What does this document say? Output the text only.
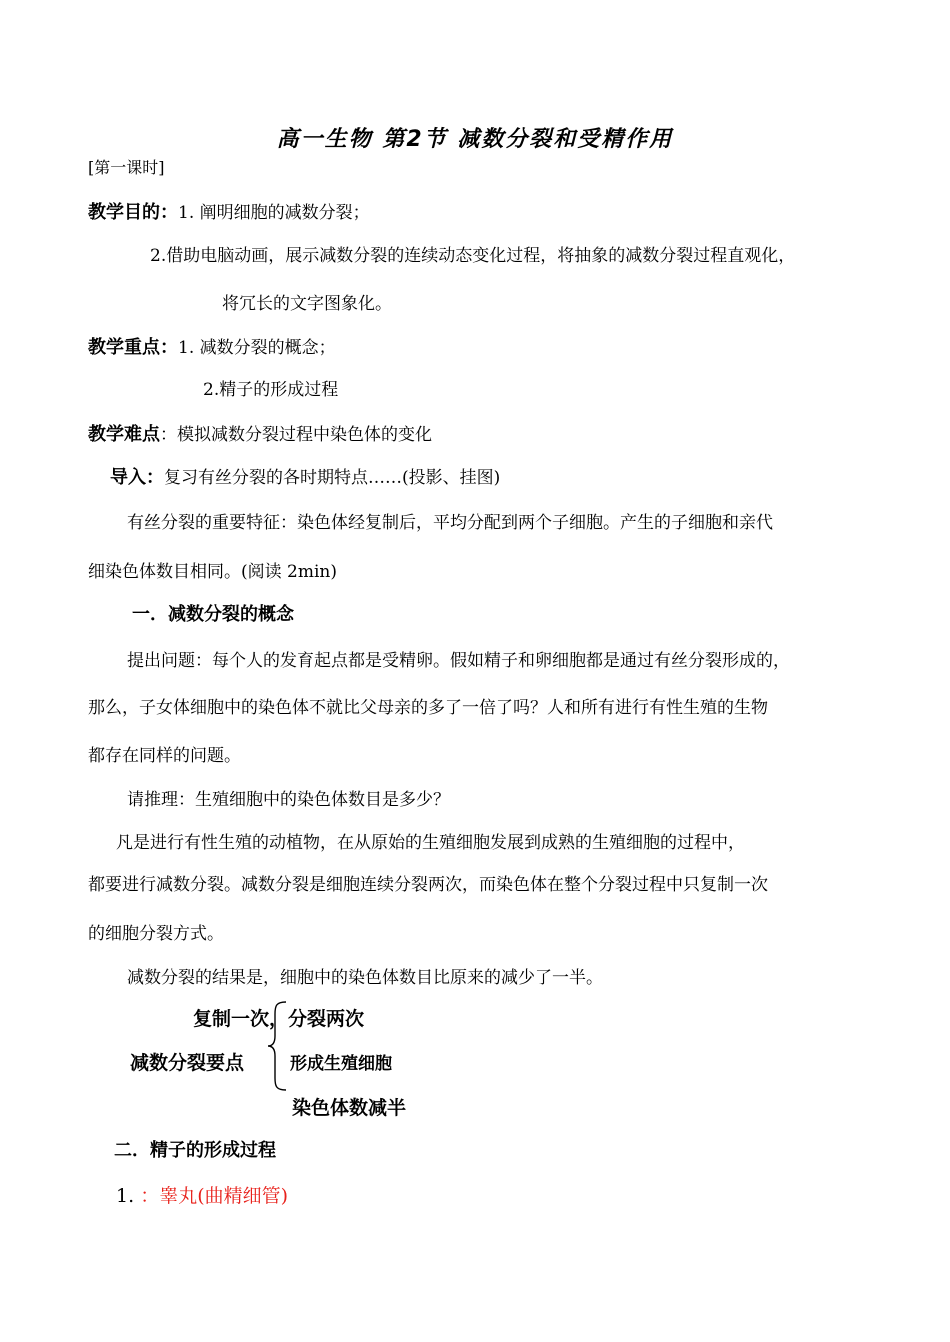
高一生物 第2节 减数分裂和受精作用
[第一课时]
教学目的：1. 阐明细胞的减数分裂；
2.借助电脑动画，展示减数分裂的连续动态变化过程，将抽象的减数分裂过程直观化，
将冗长的文字图象化。
教学重点：1. 减数分裂的概念；
2.精子的形成过程
教学难点：模拟减数分裂过程中染色体的变化
导入：复习有丝分裂的各时期特点……(投影、挂图)
有丝分裂的重要特征：染色体经复制后，平均分配到两个子细胞。产生的子细胞和亲代
细染色体数目相同。(阅读 2min)
一．减数分裂的概念
提出问题：每个人的发育起点都是受精卵。假如精子和卵细胞都是通过有丝分裂形成的，
那么，子女体细胞中的染色体不就比父母亲的多了一倍了吗？人和所有进行有性生殖的生物
都存在同样的问题。
请推理：生殖细胞中的染色体数目是多少？
凡是进行有性生殖的动植物，在从原始的生殖细胞发展到成熟的生殖细胞的过程中，
都要进行减数分裂。减数分裂是细胞连续分裂两次，而染色体在整个分裂过程中只复制一次
的细胞分裂方式。
减数分裂的结果是，细胞中的染色体数目比原来的减少了一半。
复制一次，分裂两次
减数分裂要点	形成生殖细胞
染色体数减半
二．精子的形成过程
1. ：睾丸(曲精细管)
